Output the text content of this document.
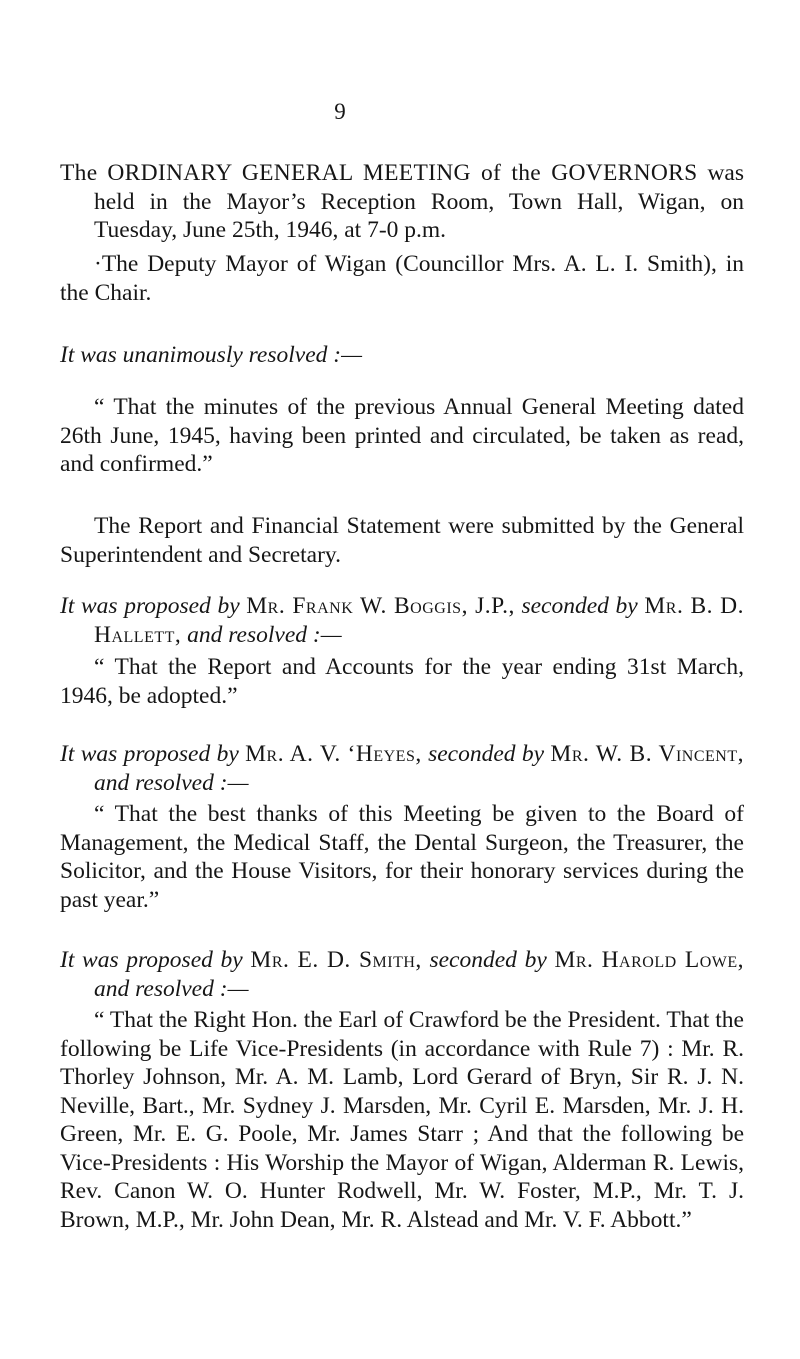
9

The ORDINARY GENERAL MEETING of the GOVERNORS was held in the Mayor’s Reception Room, Town Hall, Wigan, on Tuesday, June 25th, 1946, at 7-0 p.m.

·The Deputy Mayor of Wigan (Councillor Mrs. A. L. I. Smith), in the Chair.

It was unanimously resolved :—

“ That the minutes of the previous Annual General Meeting dated 26th June, 1945, having been printed and circulated, be taken as read, and confirmed.”

The Report and Financial Statement were submitted by the General Superintendent and Secretary.

It was proposed by Mr. Frank W. Boggis, J.P., seconded by Mr. B. D. Hallett, and resolved :—

“ That the Report and Accounts for the year ending 31st March, 1946, be adopted.”

It was proposed by Mr. A. V. ‘Heyes, seconded by Mr. W. B. Vincent, and resolved :—

“ That the best thanks of this Meeting be given to the Board of Management, the Medical Staff, the Dental Surgeon, the Treasurer, the Solicitor, and the House Visitors, for their honorary services during the past year.”

It was proposed by Mr. E. D. Smith, seconded by Mr. Harold Lowe, and resolved :—

“ That the Right Hon. the Earl of Crawford be the President. That the following be Life Vice-Presidents (in accordance with Rule 7) : Mr. R. Thorley Johnson, Mr. A. M. Lamb, Lord Gerard of Bryn, Sir R. J. N. Neville, Bart., Mr. Sydney J. Marsden, Mr. Cyril E. Marsden, Mr. J. H. Green, Mr. E. G. Poole, Mr. James Starr ; And that the following be Vice-Presidents : His Worship the Mayor of Wigan, Alderman R. Lewis, Rev. Canon W. O. Hunter Rodwell, Mr. W. Foster, M.P., Mr. T. J. Brown, M.P., Mr. John Dean, Mr. R. Alstead and Mr. V. F. Abbott.”
